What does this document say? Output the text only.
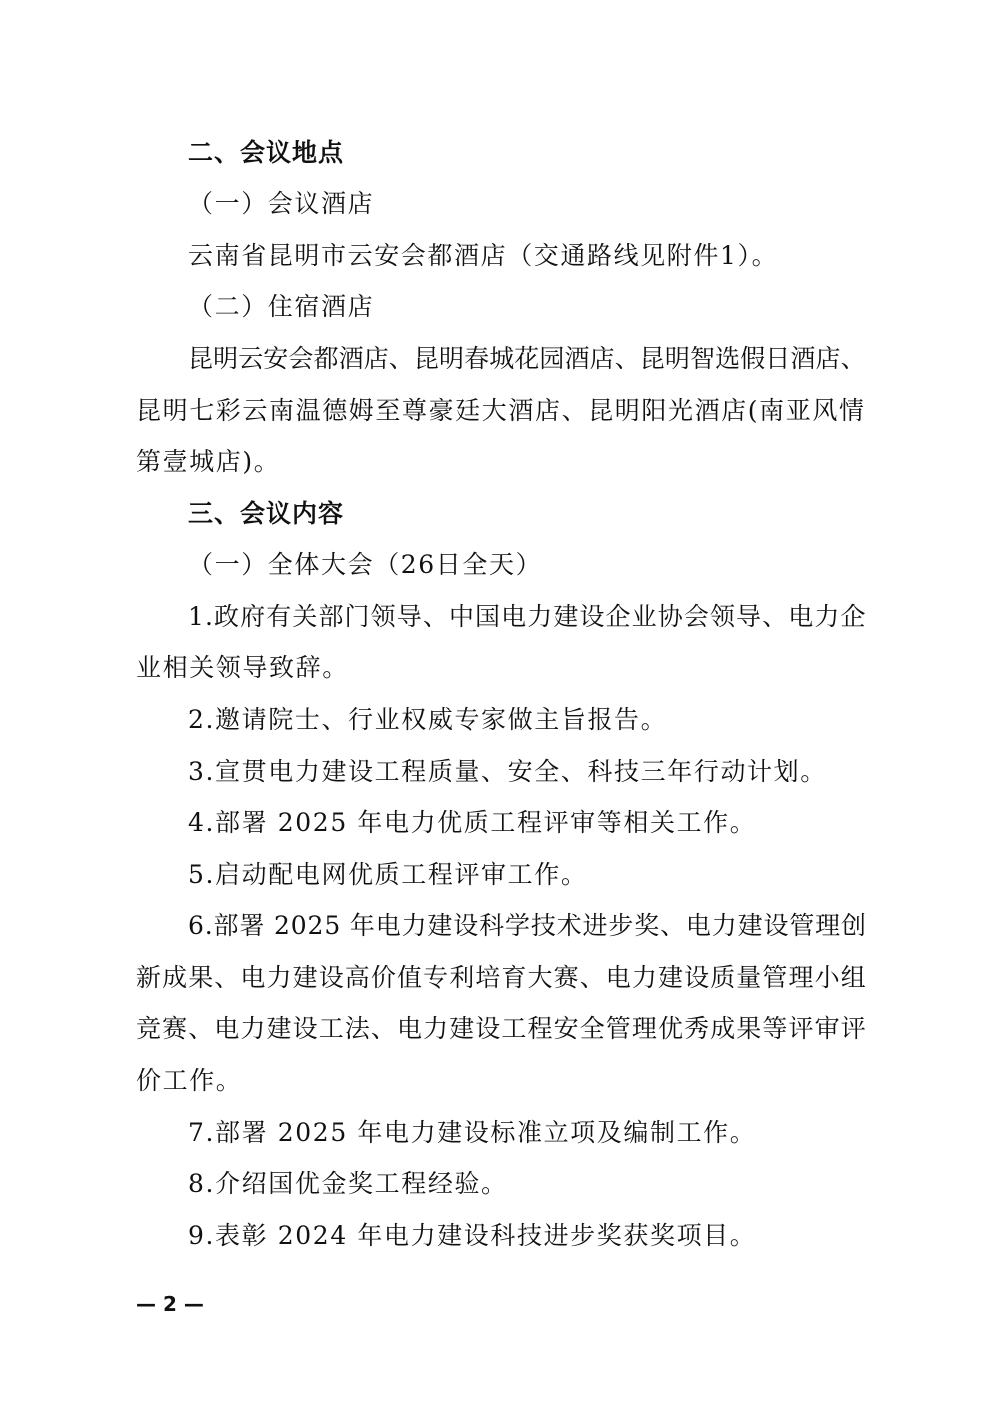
二、会议地点
（一）会议酒店
云南省昆明市云安会都酒店（交通路线见附件1）。
（二）住宿酒店
昆明云安会都酒店、昆明春城花园酒店、昆明智选假日酒店、
昆明七彩云南温德姆至尊豪廷大酒店、昆明阳光酒店(南亚风情
第壹城店)。
三、会议内容
（一）全体大会（26日全天）
1.政府有关部门领导、中国电力建设企业协会领导、电力企
业相关领导致辞。
2.邀请院士、行业权威专家做主旨报告。
3.宣贯电力建设工程质量、安全、科技三年行动计划。
4.部署 2025 年电力优质工程评审等相关工作。
5.启动配电网优质工程评审工作。
6.部署 2025 年电力建设科学技术进步奖、电力建设管理创
新成果、电力建设高价值专利培育大赛、电力建设质量管理小组
竞赛、电力建设工法、电力建设工程安全管理优秀成果等评审评
价工作。
7.部署 2025 年电力建设标准立项及编制工作。
8.介绍国优金奖工程经验。
9.表彰 2024 年电力建设科技进步奖获奖项目。
— 2 —
